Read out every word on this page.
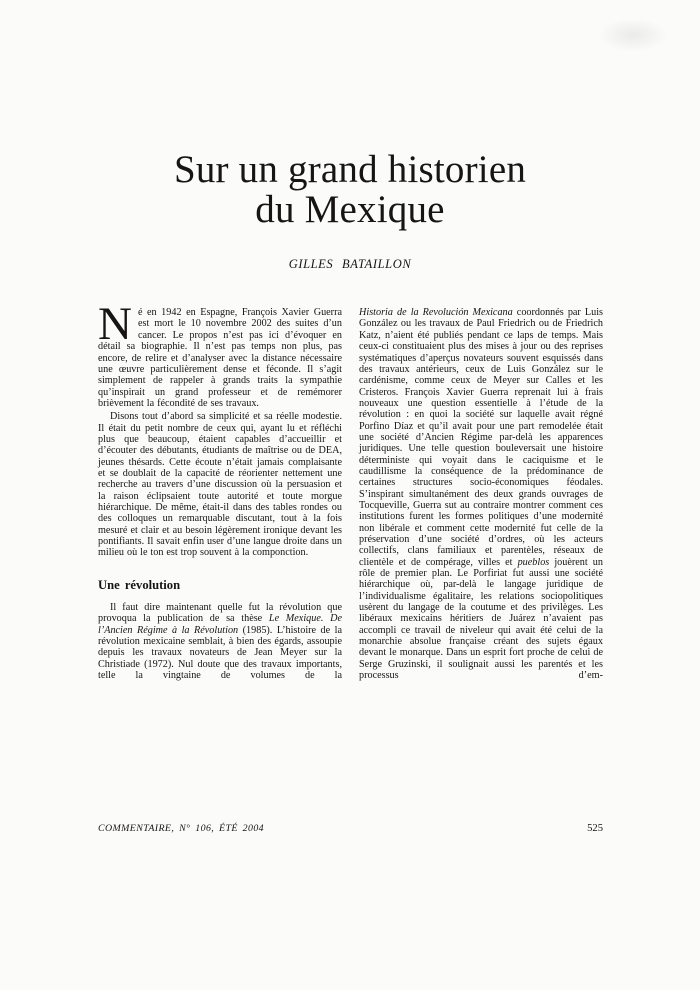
Sur un grand historien
du Mexique
GILLES BATAILLON

Né en 1942 en Espagne, François Xavier Guerra est mort le 10 novembre 2002 des suites d’un cancer. Le propos n’est pas ici d’évoquer en détail sa biographie. Il n’est pas temps non plus, pas encore, de relire et d’analyser avec la distance nécessaire une œuvre particulièrement dense et féconde. Il s’agit simplement de rappeler à grands traits la sympathie qu’inspirait un grand professeur et de remémorer brièvement la fécondité de ses travaux.

Disons tout d’abord sa simplicité et sa réelle modestie. Il était du petit nombre de ceux qui, ayant lu et réfléchi plus que beaucoup, étaient capables d’accueillir et d’écouter des débutants, étudiants de maîtrise ou de DEA, jeunes thésards. Cette écoute n’était jamais complaisante et se doublait de la capacité de réorienter nettement une recherche au travers d’une discussion où la persuasion et la raison éclipsaient toute autorité et toute morgue hiérarchique. De même, était-il dans des tables rondes ou des colloques un remarquable discutant, tout à la fois mesuré et clair et au besoin légèrement ironique devant les pontifiants. Il savait enfin user d’une langue droite dans un milieu où le ton est trop souvent à la componction.

Une révolution

Il faut dire maintenant quelle fut la révolution que provoqua la publication de sa thèse Le Mexique. De l’Ancien Régime à la Révolution (1985). L’histoire de la révolution mexicaine semblait, à bien des égards, assoupie depuis les travaux novateurs de Jean Meyer sur la Christiade (1972). Nul doute que des travaux importants, telle la vingtaine de volumes de la

Historia de la Revolución Mexicana coordonnés par Luis González ou les travaux de Paul Friedrich ou de Friedrich Katz, n’aient été publiés pendant ce laps de temps. Mais ceux-ci constituaient plus des mises à jour ou des reprises systématiques d’aperçus novateurs souvent esquissés dans des travaux antérieurs, ceux de Luis González sur le cardénisme, comme ceux de Meyer sur Calles et les Cristeros. François Xavier Guerra reprenait lui à frais nouveaux une question essentielle à l’étude de la révolution : en quoi la société sur laquelle avait régné Porfino Díaz et qu’il avait pour une part remodelée était une société d’Ancien Régime par-delà les apparences juridiques. Une telle question bouleversait une histoire déterministe qui voyait dans le caciquisme et le caudillisme la conséquence de la prédominance de certaines structures socio-économiques féodales. S’inspirant simultanément des deux grands ouvrages de Tocqueville, Guerra sut au contraire montrer comment ces institutions furent les formes politiques d’une modernité non libérale et comment cette modernité fut celle de la préservation d’une société d’ordres, où les acteurs collectifs, clans familiaux et parentèles, réseaux de clientèle et de compérage, villes et pueblos jouèrent un rôle de premier plan. Le Porfiriat fut aussi une société hiérarchique où, par-delà le langage juridique de l’individualisme égalitaire, les relations sociopolitiques usèrent du langage de la coutume et des privilèges. Les libéraux mexicains héritiers de Juárez n’avaient pas accompli ce travail de niveleur qui avait été celui de la monarchie absolue française créant des sujets égaux devant le monarque. Dans un esprit fort proche de celui de Serge Gruzinski, il soulignait aussi les parentés et les processus d’em-

COMMENTAIRE, N° 106, ÉTÉ 2004	525
